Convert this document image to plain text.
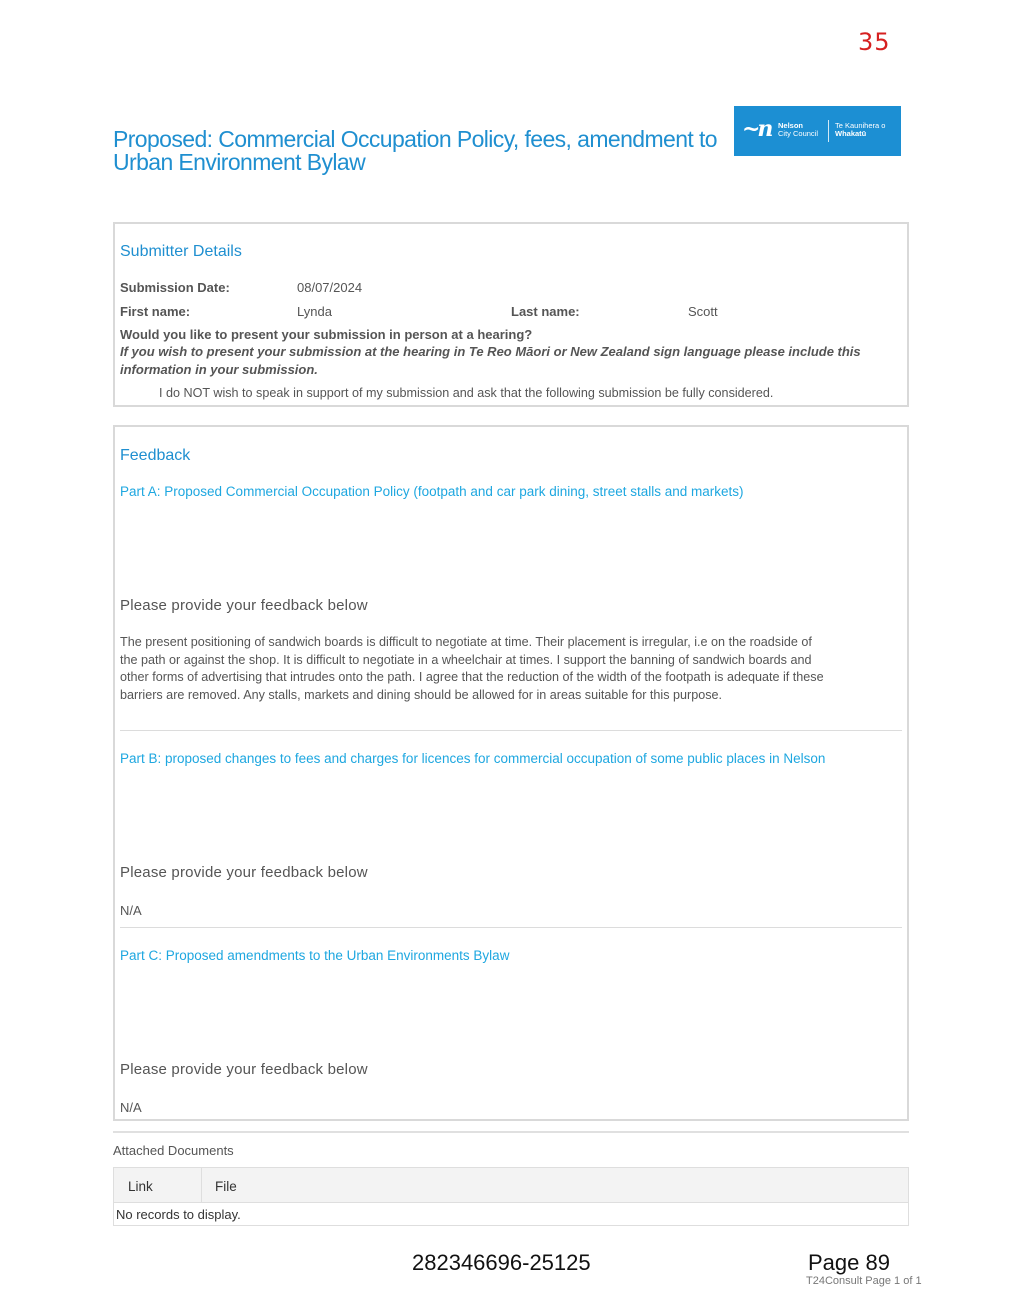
35
Proposed: Commercial Occupation Policy, fees, amendment to Urban Environment Bylaw
~n Nelson
City Council
Te Kaunihera o
Whakatū
Submitter Details
Submission Date:	08/07/2024
First name:	Lynda	Last name:	Scott
Would you like to present your submission in person at a hearing?
If you wish to present your submission at the hearing in Te Reo Māori or New Zealand sign language please include this information in your submission.
I do NOT wish to speak in support of my submission and ask that the following submission be fully considered.
Feedback
Part A: Proposed Commercial Occupation Policy (footpath and car park dining, street stalls and markets)
Please provide your feedback below
The present positioning of sandwich boards is difficult to negotiate at time. Their placement is irregular, i.e on the roadside of the path or against the shop. It is difficult to negotiate in a wheelchair at times. I support the banning of sandwich boards and other forms of advertising that intrudes onto the path. I agree that the reduction of the width of the footpath is adequate if these barriers are removed. Any stalls, markets and dining should be allowed for in areas suitable for this purpose.
Part B: proposed changes to fees and charges for licences for commercial occupation of some public places in Nelson
Please provide your feedback below
N/A
Part C: Proposed amendments to the Urban Environments Bylaw
Please provide your feedback below
N/A
Attached Documents
Link	File
No records to display.
282346696-25125	Page 89
T24Consult Page 1 of 1
